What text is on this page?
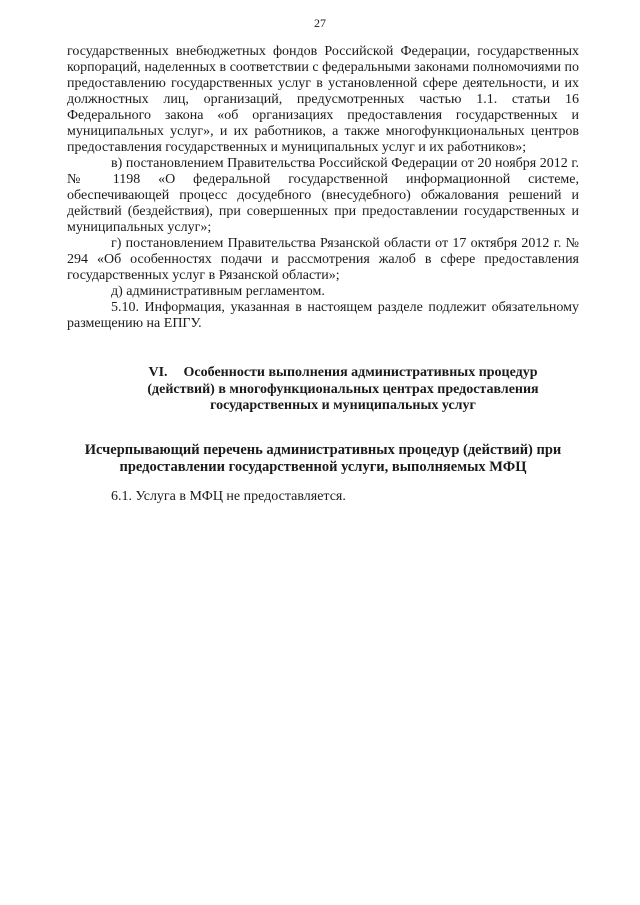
27

государственных внебюджетных фондов Российской Федерации, государственных корпораций, наделенных в соответствии с федеральными законами полномочиями по предоставлению государственных услуг в установленной сфере деятельности, и их должностных лиц, организаций, предусмотренных частью 1.1. статьи 16 Федерального закона «об организациях предоставления государственных и муниципальных услуг», и их работников, а также многофункциональных центров предоставления государственных и муниципальных услуг и их работников»;

в) постановлением Правительства Российской Федерации от 20 ноября 2012 г. № 1198 «О федеральной государственной информационной системе, обеспечивающей процесс досудебного (внесудебного) обжалования решений и действий (бездействия), при совершенных при предоставлении государственных и муниципальных услуг»;

г) постановлением Правительства Рязанской области от 17 октября 2012 г. № 294 «Об особенностях подачи и рассмотрения жалоб в сфере предоставления государственных услуг в Рязанской области»;

д) административным регламентом.

5.10. Информация, указанная в настоящем разделе подлежит обязательному размещению на ЕПГУ.

VI. Особенности выполнения административных процедур
(действий) в многофункциональных центрах предоставления
государственных и муниципальных услуг
Исчерпывающий перечень административных процедур (действий) при
предоставлении государственной услуги, выполняемых МФЦ

6.1. Услуга в МФЦ не предоставляется.
